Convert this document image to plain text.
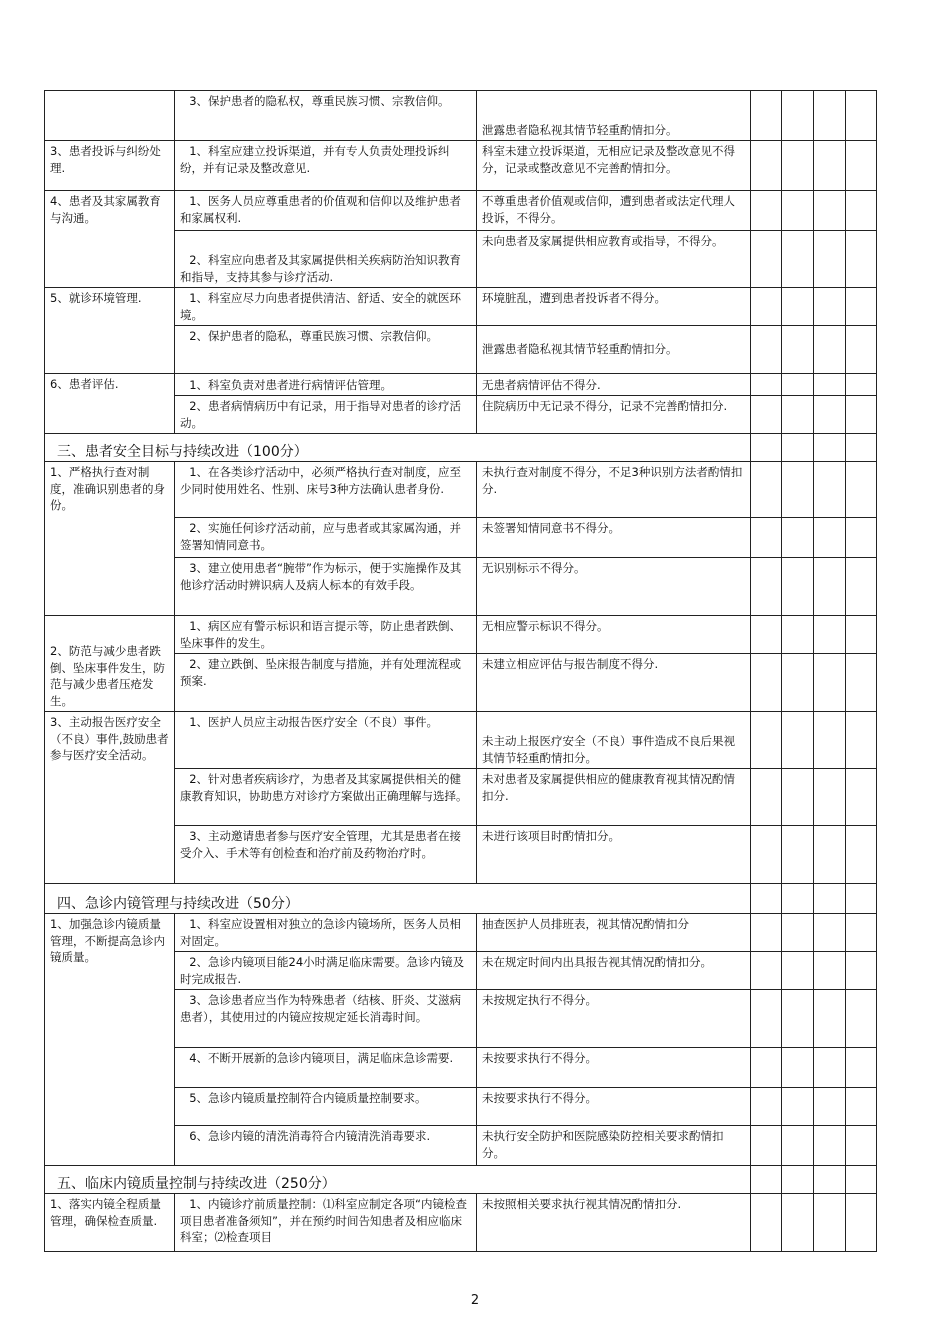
	3、保护患者的隐私权，尊重民族习惯、宗教信仰。	泄露患者隐私视其情节轻重酌情扣分。				
3、患者投诉与纠纷处理.	1、科室应建立投诉渠道，并有专人负责处理投诉纠纷，并有记录及整改意见.	科室未建立投诉渠道，无相应记录及整改意见不得分，记录或整改意见不完善酌情扣分。				
4、患者及其家属教育与沟通。	1、医务人员应尊重患者的价值观和信仰以及维护患者和家属权利.	不尊重患者价值观或信仰，遭到患者或法定代理人投诉，不得分。				
	2、科室应向患者及其家属提供相关疾病防治知识教育和指导，支持其参与诊疗活动.	未向患者及家属提供相应教育或指导，不得分。				
5、就诊环境管理.	1、科室应尽力向患者提供清洁、舒适、安全的就医环境。	环境脏乱，遭到患者投诉者不得分。				
	2、保护患者的隐私，尊重民族习惯、宗教信仰。	泄露患者隐私视其情节轻重酌情扣分。				
6、患者评估.	1、科室负责对患者进行病情评估管理。	无患者病情评估不得分.				
	2、患者病情病历中有记录，用于指导对患者的诊疗活动。	住院病历中无记录不得分，记录不完善酌情扣分.				
三、患者安全目标与持续改进（100分）						
1、严格执行查对制度，准确识别患者的身份。	1、在各类诊疗活动中，必须严格执行查对制度，应至少同时使用姓名、性别、床号3种方法确认患者身份.	未执行查对制度不得分，不足3种识别方法者酌情扣分.				
	2、实施任何诊疗活动前，应与患者或其家属沟通，并签署知情同意书。	未签署知情同意书不得分。				
	3、建立使用患者“腕带”作为标示，便于实施操作及其他诊疗活动时辨识病人及病人标本的有效手段。	无识别标示不得分。				
2、防范与减少患者跌倒、坠床事件发生，防范与减少患者压疮发生。	1、病区应有警示标识和语言提示等，防止患者跌倒、坠床事件的发生。	无相应警示标识不得分。				
	2、建立跌倒、坠床报告制度与措施，并有处理流程或预案.	未建立相应评估与报告制度不得分.				
3、主动报告医疗安全（不良）事件,鼓励患者参与医疗安全活动。	1、医护人员应主动报告医疗安全（不良）事件。	未主动上报医疗安全（不良）事件造成不良后果视其情节轻重酌情扣分。				
	2、针对患者疾病诊疗，为患者及其家属提供相关的健康教育知识，协助患方对诊疗方案做出正确理解与选择。	未对患者及家属提供相应的健康教育视其情况酌情扣分.				
	3、主动邀请患者参与医疗安全管理，尤其是患者在接受介入、手术等有创检查和治疗前及药物治疗时。	未进行该项目时酌情扣分。				
四、急诊内镜管理与持续改进（50分）						
1、加强急诊内镜质量管理，不断提高急诊内镜质量。	1、科室应设置相对独立的急诊内镜场所，医务人员相对固定。	抽查医护人员排班表，视其情况酌情扣分				
	2、急诊内镜项目能24小时满足临床需要。急诊内镜及时完成报告.	未在规定时间内出具报告视其情况酌情扣分。				
	3、急诊患者应当作为特殊患者（结核、肝炎、艾滋病患者），其使用过的内镜应按规定延长消毒时间。	未按规定执行不得分。				
	4、不断开展新的急诊内镜项目，满足临床急诊需要.	未按要求执行不得分。				
	5、急诊内镜质量控制符合内镜质量控制要求。	未按要求执行不得分。				
	6、急诊内镜的清洗消毒符合内镜清洗消毒要求.	未执行安全防护和医院感染防控相关要求酌情扣分。				
五、临床内镜质量控制与持续改进（250分）						
1、落实内镜全程质量管理，确保检查质量.	1、内镜诊疗前质量控制：⑴科室应制定各项“内镜检查项目患者准备须知”，并在预约时间告知患者及相应临床科室；⑵检查项目	未按照相关要求执行视其情况酌情扣分.				
2
